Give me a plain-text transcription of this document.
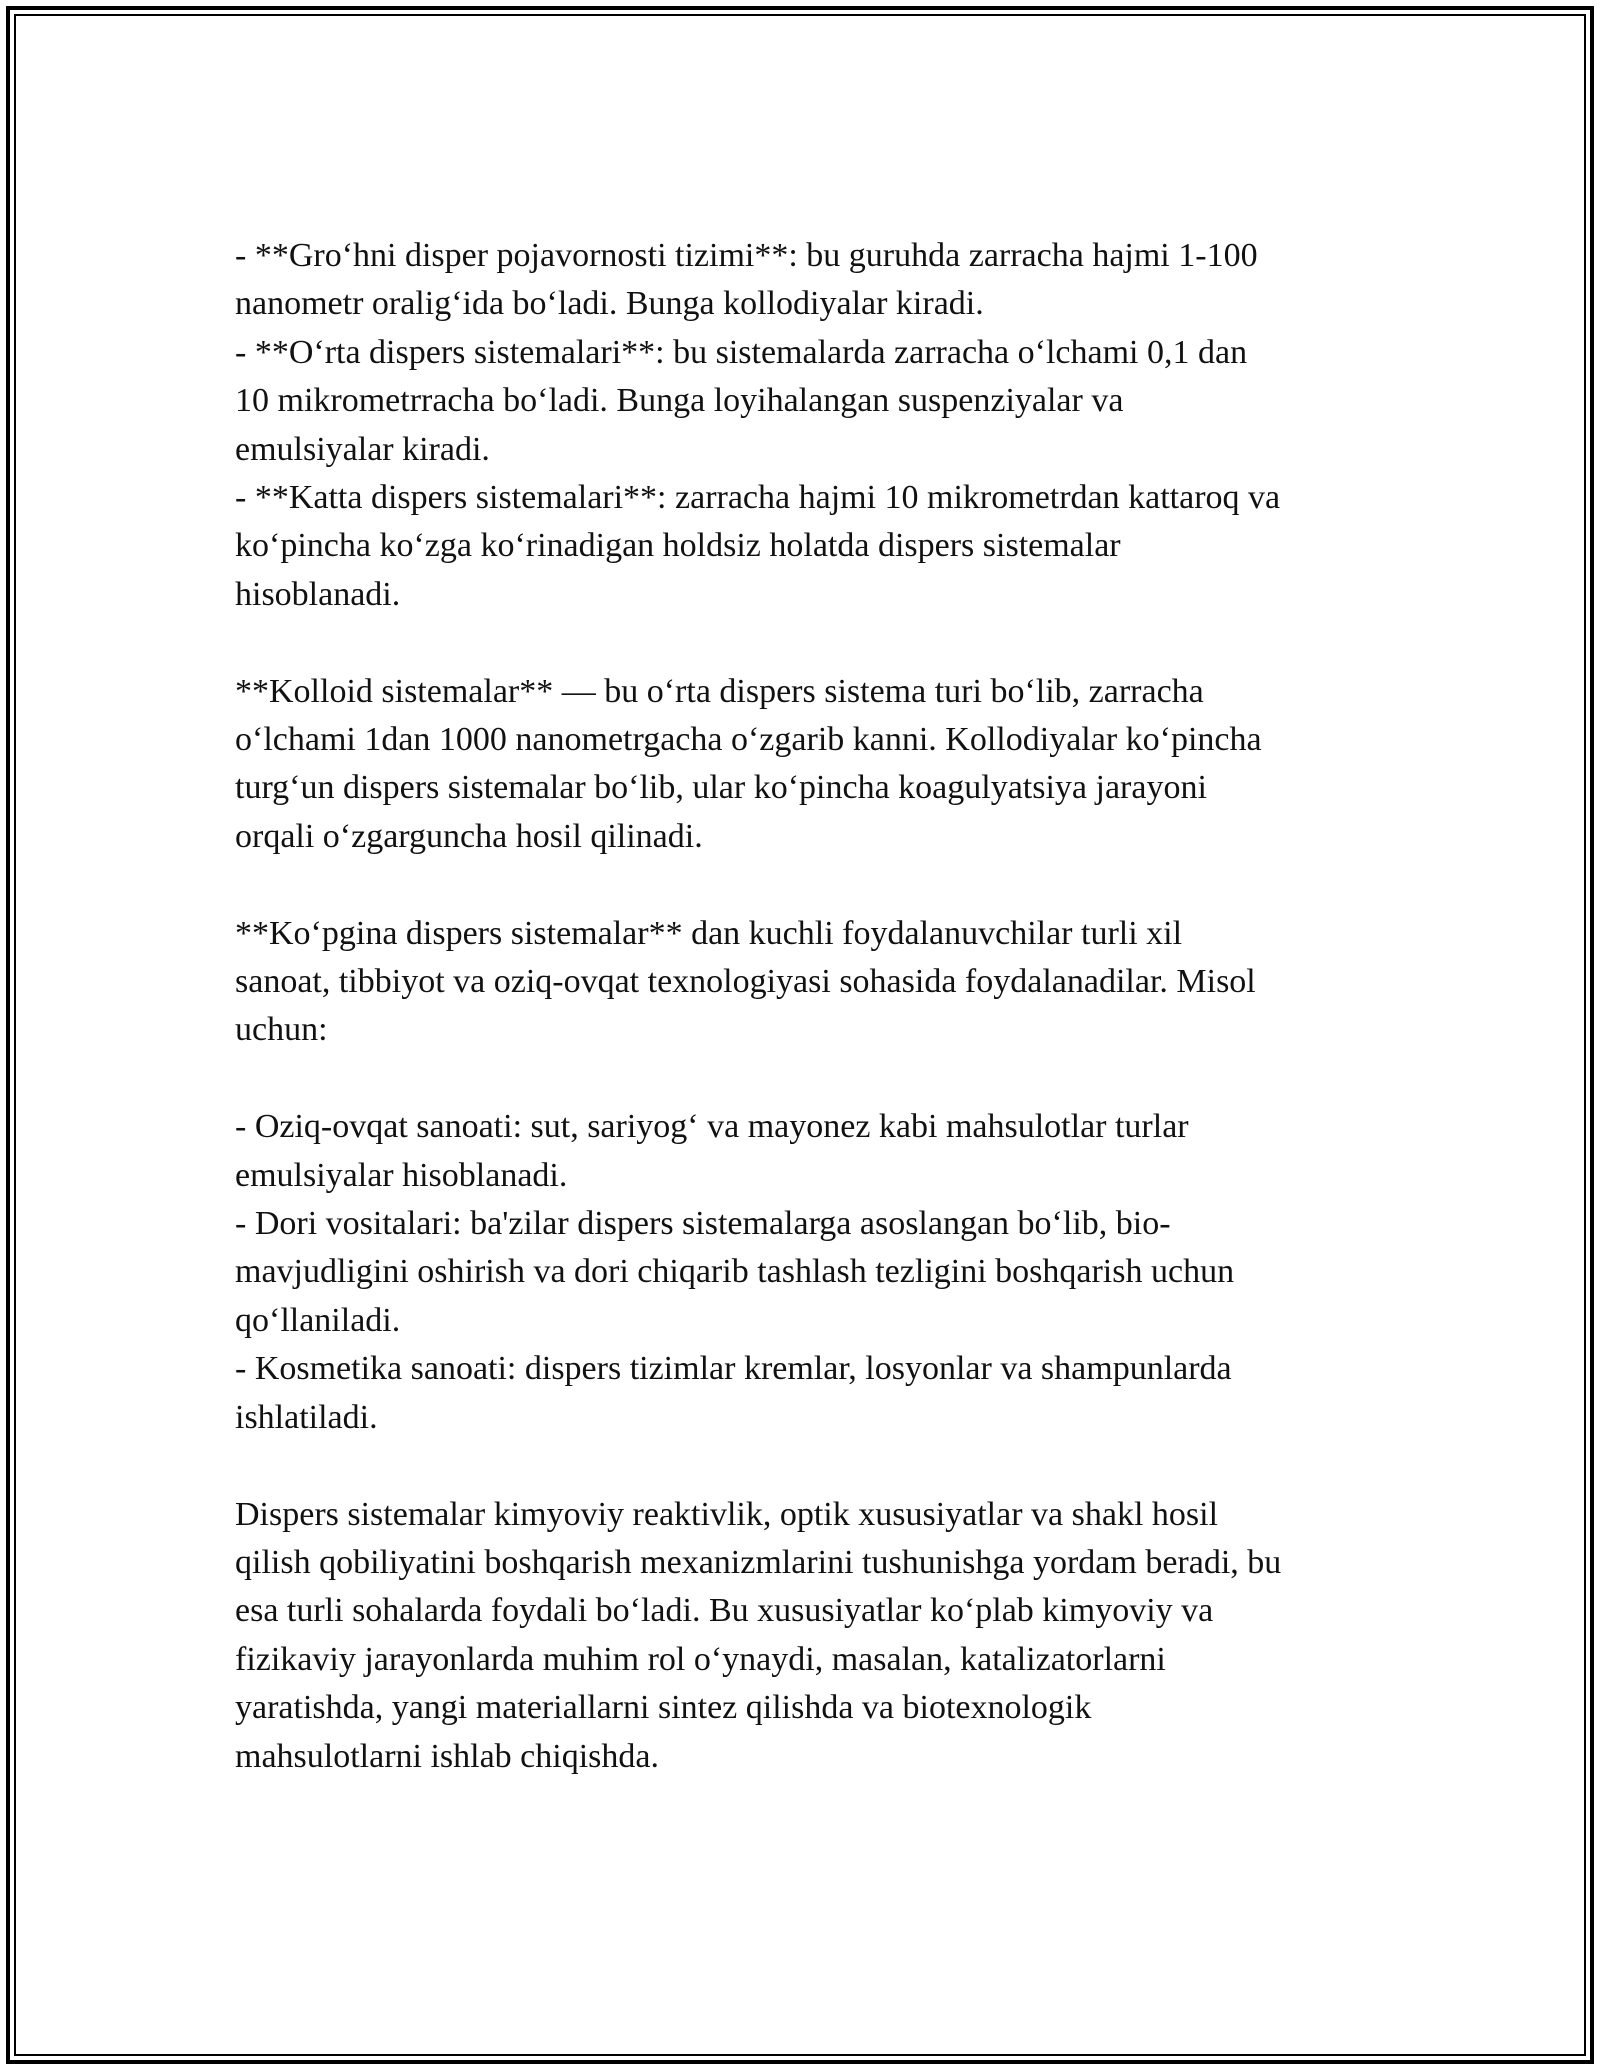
- **Gro‘hni disper pojavornosti tizimi**: bu guruhda zarracha hajmi 1-100

nanometr oralig‘ida bo‘ladi. Bunga kollodiyalar kiradi.

- **O‘rta dispers sistemalari**: bu sistemalarda zarracha o‘lchami 0,1 dan

10 mikrometrracha bo‘ladi. Bunga loyihalangan suspenziyalar va

emulsiyalar kiradi.

- **Katta dispers sistemalari**: zarracha hajmi 10 mikrometrdan kattaroq va

ko‘pincha ko‘zga ko‘rinadigan holdsiz holatda dispers sistemalar

hisoblanadi.

**Kolloid sistemalar** — bu o‘rta dispers sistema turi bo‘lib, zarracha

o‘lchami 1dan 1000 nanometrgacha o‘zgarib kanni. Kollodiyalar ko‘pincha

turg‘un dispers sistemalar bo‘lib, ular ko‘pincha koagulyatsiya jarayoni

orqali o‘zgarguncha hosil qilinadi.

**Ko‘pgina dispers sistemalar** dan kuchli foydalanuvchilar turli xil

sanoat, tibbiyot va oziq-ovqat texnologiyasi sohasida foydalanadilar. Misol

uchun:

- Oziq-ovqat sanoati: sut, sariyog‘ va mayonez kabi mahsulotlar turlar

emulsiyalar hisoblanadi.

- Dori vositalari: ba'zilar dispers sistemalarga asoslangan bo‘lib, bio-

mavjudligini oshirish va dori chiqarib tashlash tezligini boshqarish uchun

qo‘llaniladi.

- Kosmetika sanoati: dispers tizimlar kremlar, losyonlar va shampunlarda

ishlatiladi.

Dispers sistemalar kimyoviy reaktivlik, optik xususiyatlar va shakl hosil

qilish qobiliyatini boshqarish mexanizmlarini tushunishga yordam beradi, bu

esa turli sohalarda foydali bo‘ladi. Bu xususiyatlar ko‘plab kimyoviy va

fizikaviy jarayonlarda muhim rol o‘ynaydi, masalan, katalizatorlarni

yaratishda, yangi materiallarni sintez qilishda va biotexnologik

mahsulotlarni ishlab chiqishda.
